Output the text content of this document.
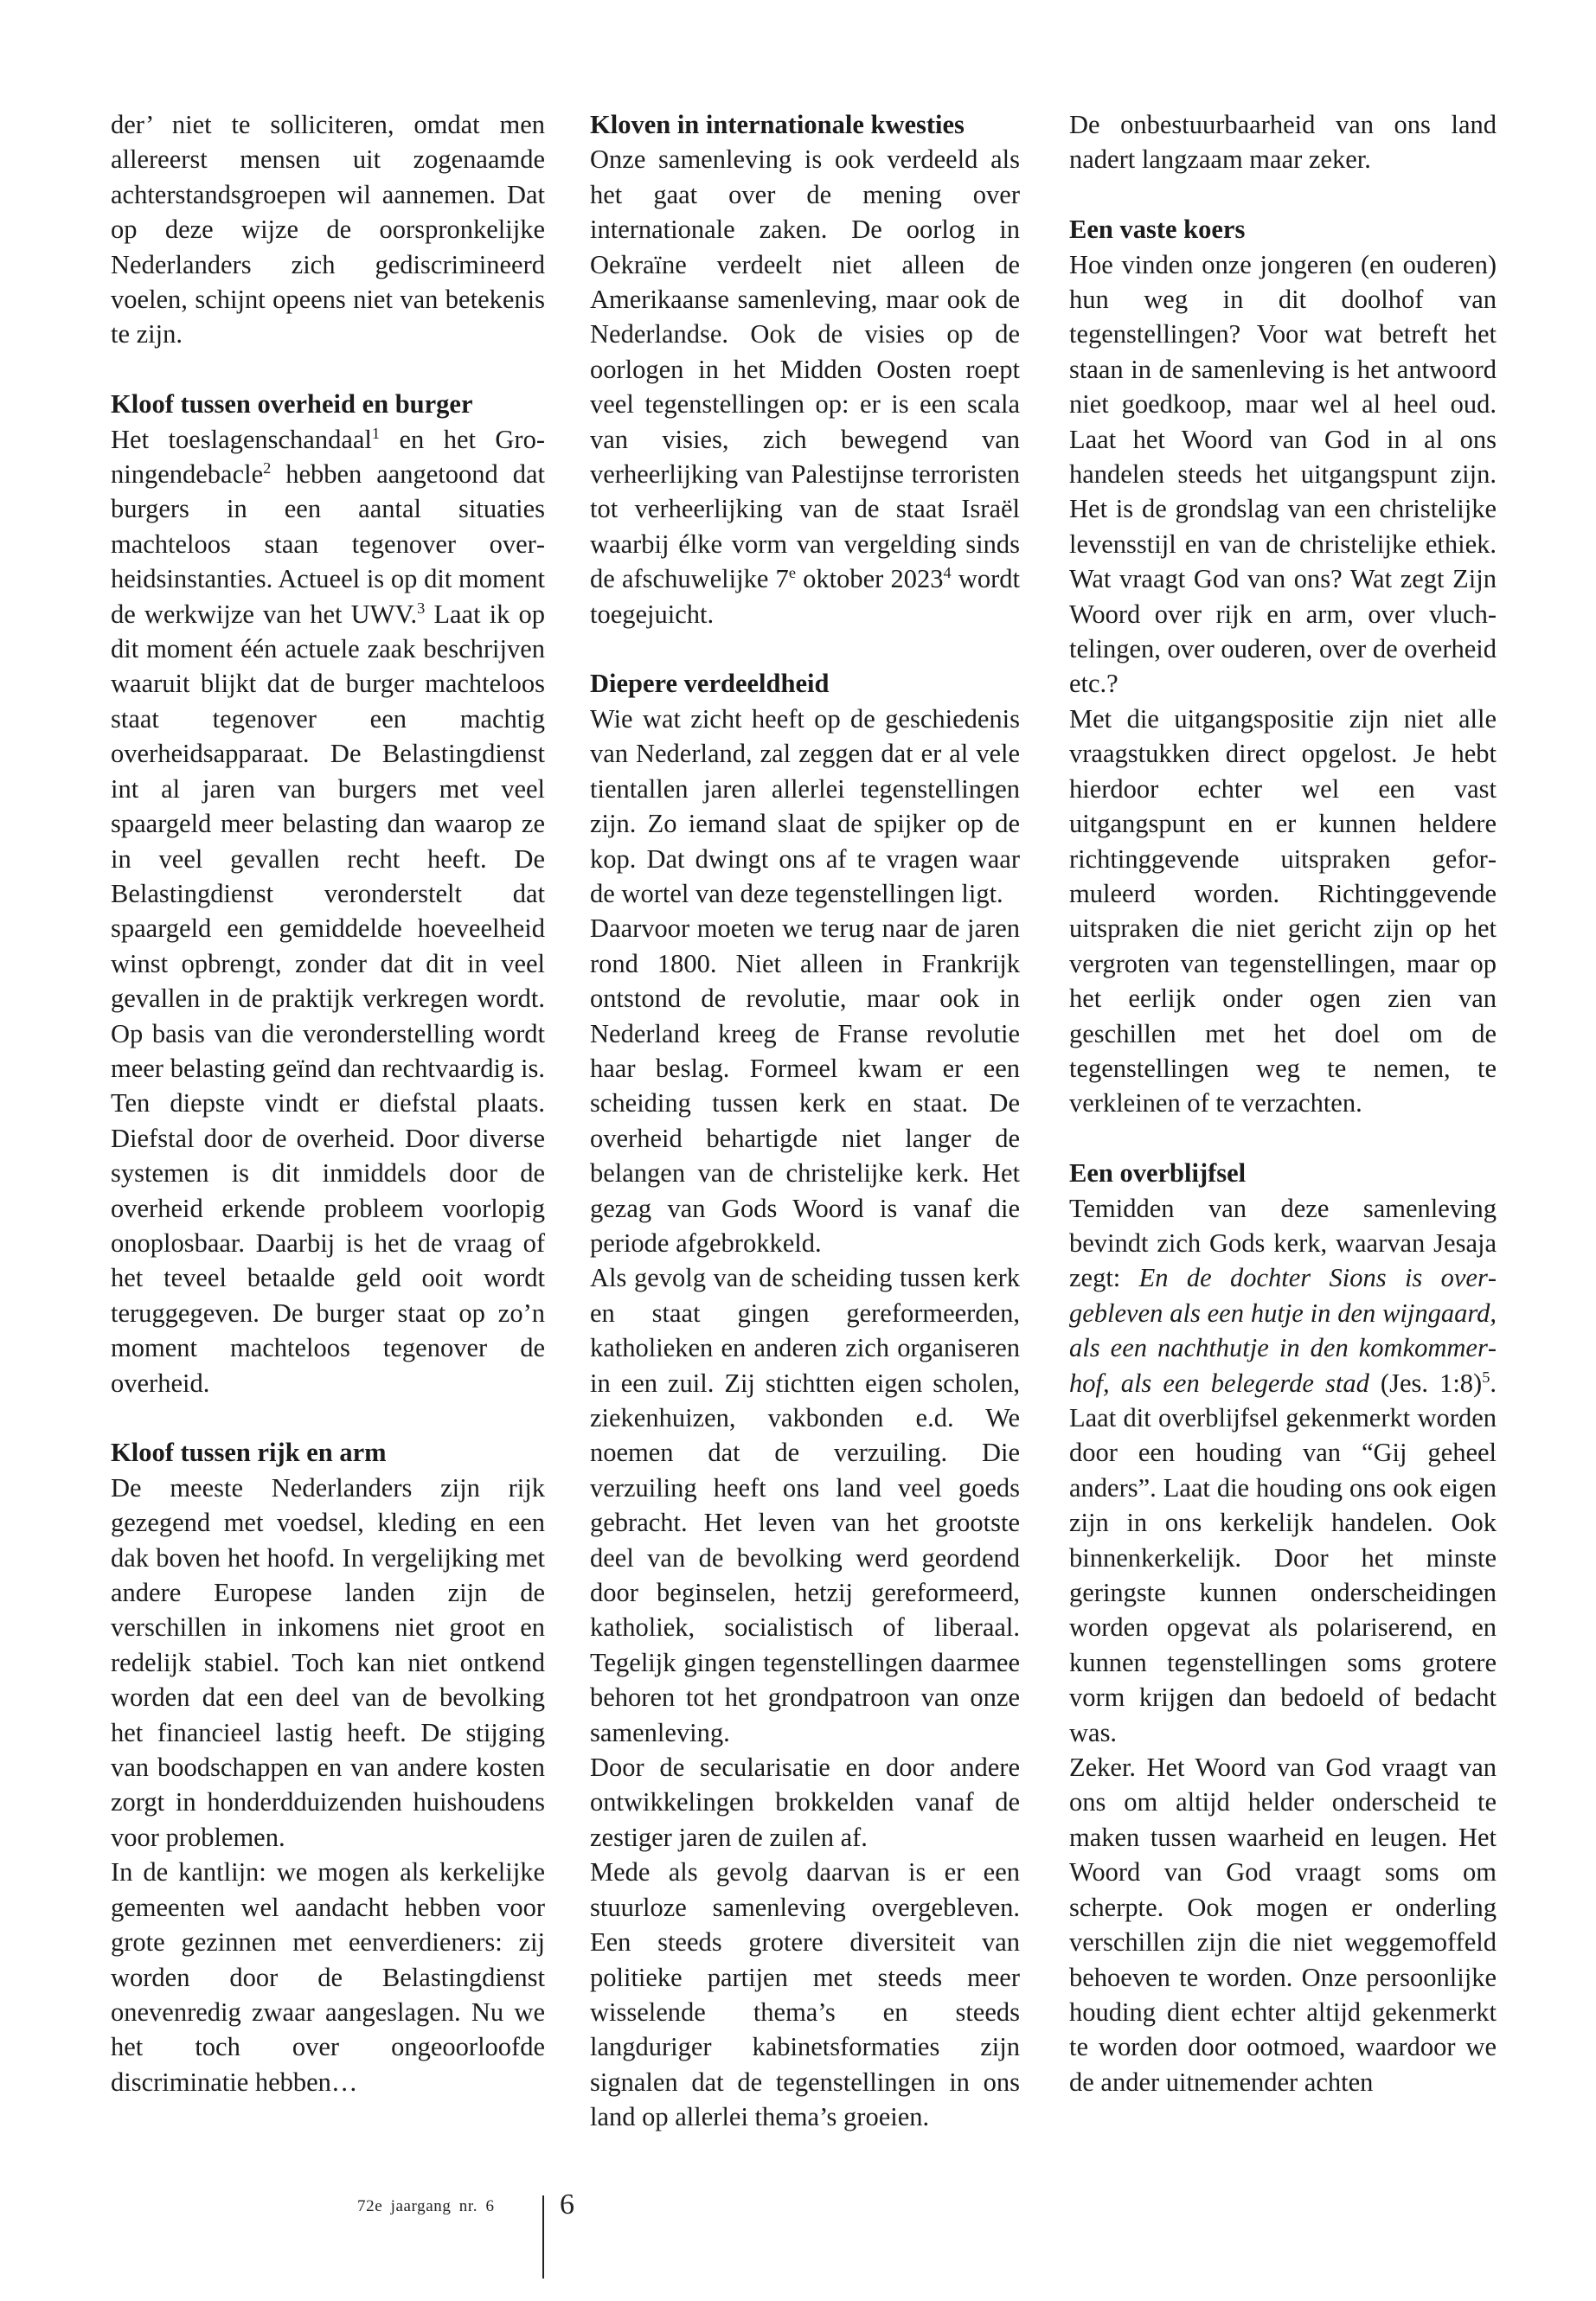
der’ niet te solliciteren, omdat men allereerst mensen uit zogenaamde achterstandsgroepen wil aannemen. Dat op deze wijze de oorspronkelijke Nederlanders zich gediscrimineerd voelen, schijnt opeens niet van betekenis te zijn.

Kloof tussen overheid en burger

Het toeslagenschandaal$^1$ en het Groningendebacle$^2$ hebben aangetoond dat burgers in een aantal situaties machteloos staan tegenover overheidsinstanties. Actueel is op dit moment de werkwijze van het UWV.$^3$ Laat ik op dit moment één actuele zaak beschrijven waaruit blijkt dat de burger machteloos staat tegenover een machtig overheidsapparaat. De Belastingdienst int al jaren van burgers met veel spaargeld meer belasting dan waarop ze in veel gevallen recht heeft. De Belastingdienst veronderstelt dat spaargeld een gemiddelde hoeveelheid winst opbrengt, zonder dat dit in veel gevallen in de praktijk verkregen wordt. Op basis van die veronderstelling wordt meer belasting geïnd dan rechtvaardig is. Ten diepste vindt er diefstal plaats. Diefstal door de overheid. Door diverse systemen is dit inmiddels door de overheid erkende probleem voorlopig onoplosbaar. Daarbij is het de vraag of het teveel betaalde geld ooit wordt teruggegeven. De burger staat op zo’n moment machteloos tegenover de overheid.

Kloof tussen rijk en arm

De meeste Nederlanders zijn rijk gezegend met voedsel, kleding en een dak boven het hoofd. In vergelijking met andere Europese landen zijn de verschillen in inkomens niet groot en redelijk stabiel. Toch kan niet ontkend worden dat een deel van de bevolking het financieel lastig heeft. De stijging van boodschappen en van andere kosten zorgt in honderdduizenden huishoudens voor problemen.

In de kantlijn: we mogen als kerkelijke gemeenten wel aandacht hebben voor grote gezinnen met eenverdieners: zij worden door de Belastingdienst onevenredig zwaar aangeslagen. Nu we het toch over ongeoorloofde discriminatie hebben…

Kloven in internationale kwesties

Onze samenleving is ook verdeeld als het gaat over de mening over internationale zaken. De oorlog in Oekraïne verdeelt niet alleen de Amerikaanse samenleving, maar ook de Nederlandse. Ook de visies op de oorlogen in het Midden Oosten roept veel tegenstellingen op: er is een scala van visies, zich bewegend van verheerlijking van Palestijnse terroristen tot verheerlijking van de staat Israël waarbij élke vorm van vergelding sinds de afschuwelijke 7e oktober 2023$^4$ wordt toegejuicht.

Diepere verdeeldheid

Wie wat zicht heeft op de geschiedenis van Nederland, zal zeggen dat er al vele tientallen jaren allerlei tegenstellingen zijn. Zo iemand slaat de spijker op de kop. Dat dwingt ons af te vragen waar de wortel van deze tegenstellingen ligt.

Daarvoor moeten we terug naar de jaren rond 1800. Niet alleen in Frankrijk ontstond de revolutie, maar ook in Nederland kreeg de Franse revolutie haar beslag. Formeel kwam er een scheiding tussen kerk en staat. De overheid behartigde niet langer de belangen van de christelijke kerk. Het gezag van Gods Woord is vanaf die periode afgebrokkeld.

Als gevolg van de scheiding tussen kerk en staat gingen gereformeerden, katholieken en anderen zich organiseren in een zuil. Zij stichtten eigen scholen, ziekenhuizen, vakbonden e.d. We noemen dat de verzuiling. Die verzuiling heeft ons land veel goeds gebracht. Het leven van het grootste deel van de bevolking werd geordend door beginselen, hetzij gereformeerd, katholiek, socialistisch of liberaal. Tegelijk gingen tegenstellingen daarmee behoren tot het grondpatroon van onze samenleving.

Door de secularisatie en door andere ontwikkelingen brokkelden vanaf de zestiger jaren de zuilen af.

Mede als gevolg daarvan is er een stuurloze samenleving overgebleven. Een steeds grotere diversiteit van politieke partijen met steeds meer wisselende thema’s en steeds langduriger kabinetsformaties zijn signalen dat de tegenstellingen in ons land op allerlei thema’s groeien.

De onbestuurbaarheid van ons land nadert langzaam maar zeker.

Een vaste koers

Hoe vinden onze jongeren (en ouderen) hun weg in dit doolhof van tegenstellingen? Voor wat betreft het staan in de samenleving is het antwoord niet goedkoop, maar wel al heel oud. Laat het Woord van God in al ons handelen steeds het uitgangspunt zijn. Het is de grondslag van een christelijke levensstijl en van de christelijke ethiek. Wat vraagt God van ons? Wat zegt Zijn Woord over rijk en arm, over vluchtelingen, over ouderen, over de overheid etc.?

Met die uitgangspositie zijn niet alle vraagstukken direct opgelost. Je hebt hierdoor echter wel een vast uitgangspunt en er kunnen heldere richtinggevende uitspraken geformuleerd worden. Richtinggevende uitspraken die niet gericht zijn op het vergroten van tegenstellingen, maar op het eerlijk onder ogen zien van geschillen met het doel om de tegenstellingen weg te nemen, te verkleinen of te verzachten.

Een overblijfsel

Temidden van deze samenleving bevindt zich Gods kerk, waarvan Jesaja zegt: En de dochter Sions is overgebleven als een hutje in den wijngaard, als een nachthutje in den komkommerhof, als een belegerde stad (Jes. 1:8)$^5$. Laat dit overblijfsel gekenmerkt worden door een houding van “Gij geheel anders”. Laat die houding ons ook eigen zijn in ons kerkelijk handelen. Ook binnenkerkelijk. Door het minste geringste kunnen onderscheidingen worden opgevat als polariserend, en kunnen tegenstellingen soms grotere vorm krijgen dan bedoeld of bedacht was.

Zeker. Het Woord van God vraagt van ons om altijd helder onderscheid te maken tussen waarheid en leugen. Het Woord van God vraagt soms om scherpte. Ook mogen er onderling verschillen zijn die niet weggemoffeld behoeven te worden. Onze persoonlijke houding dient echter altijd gekenmerkt te worden door ootmoed, waardoor we de ander uitnemender achten

72e jaargang nr. 6 6
